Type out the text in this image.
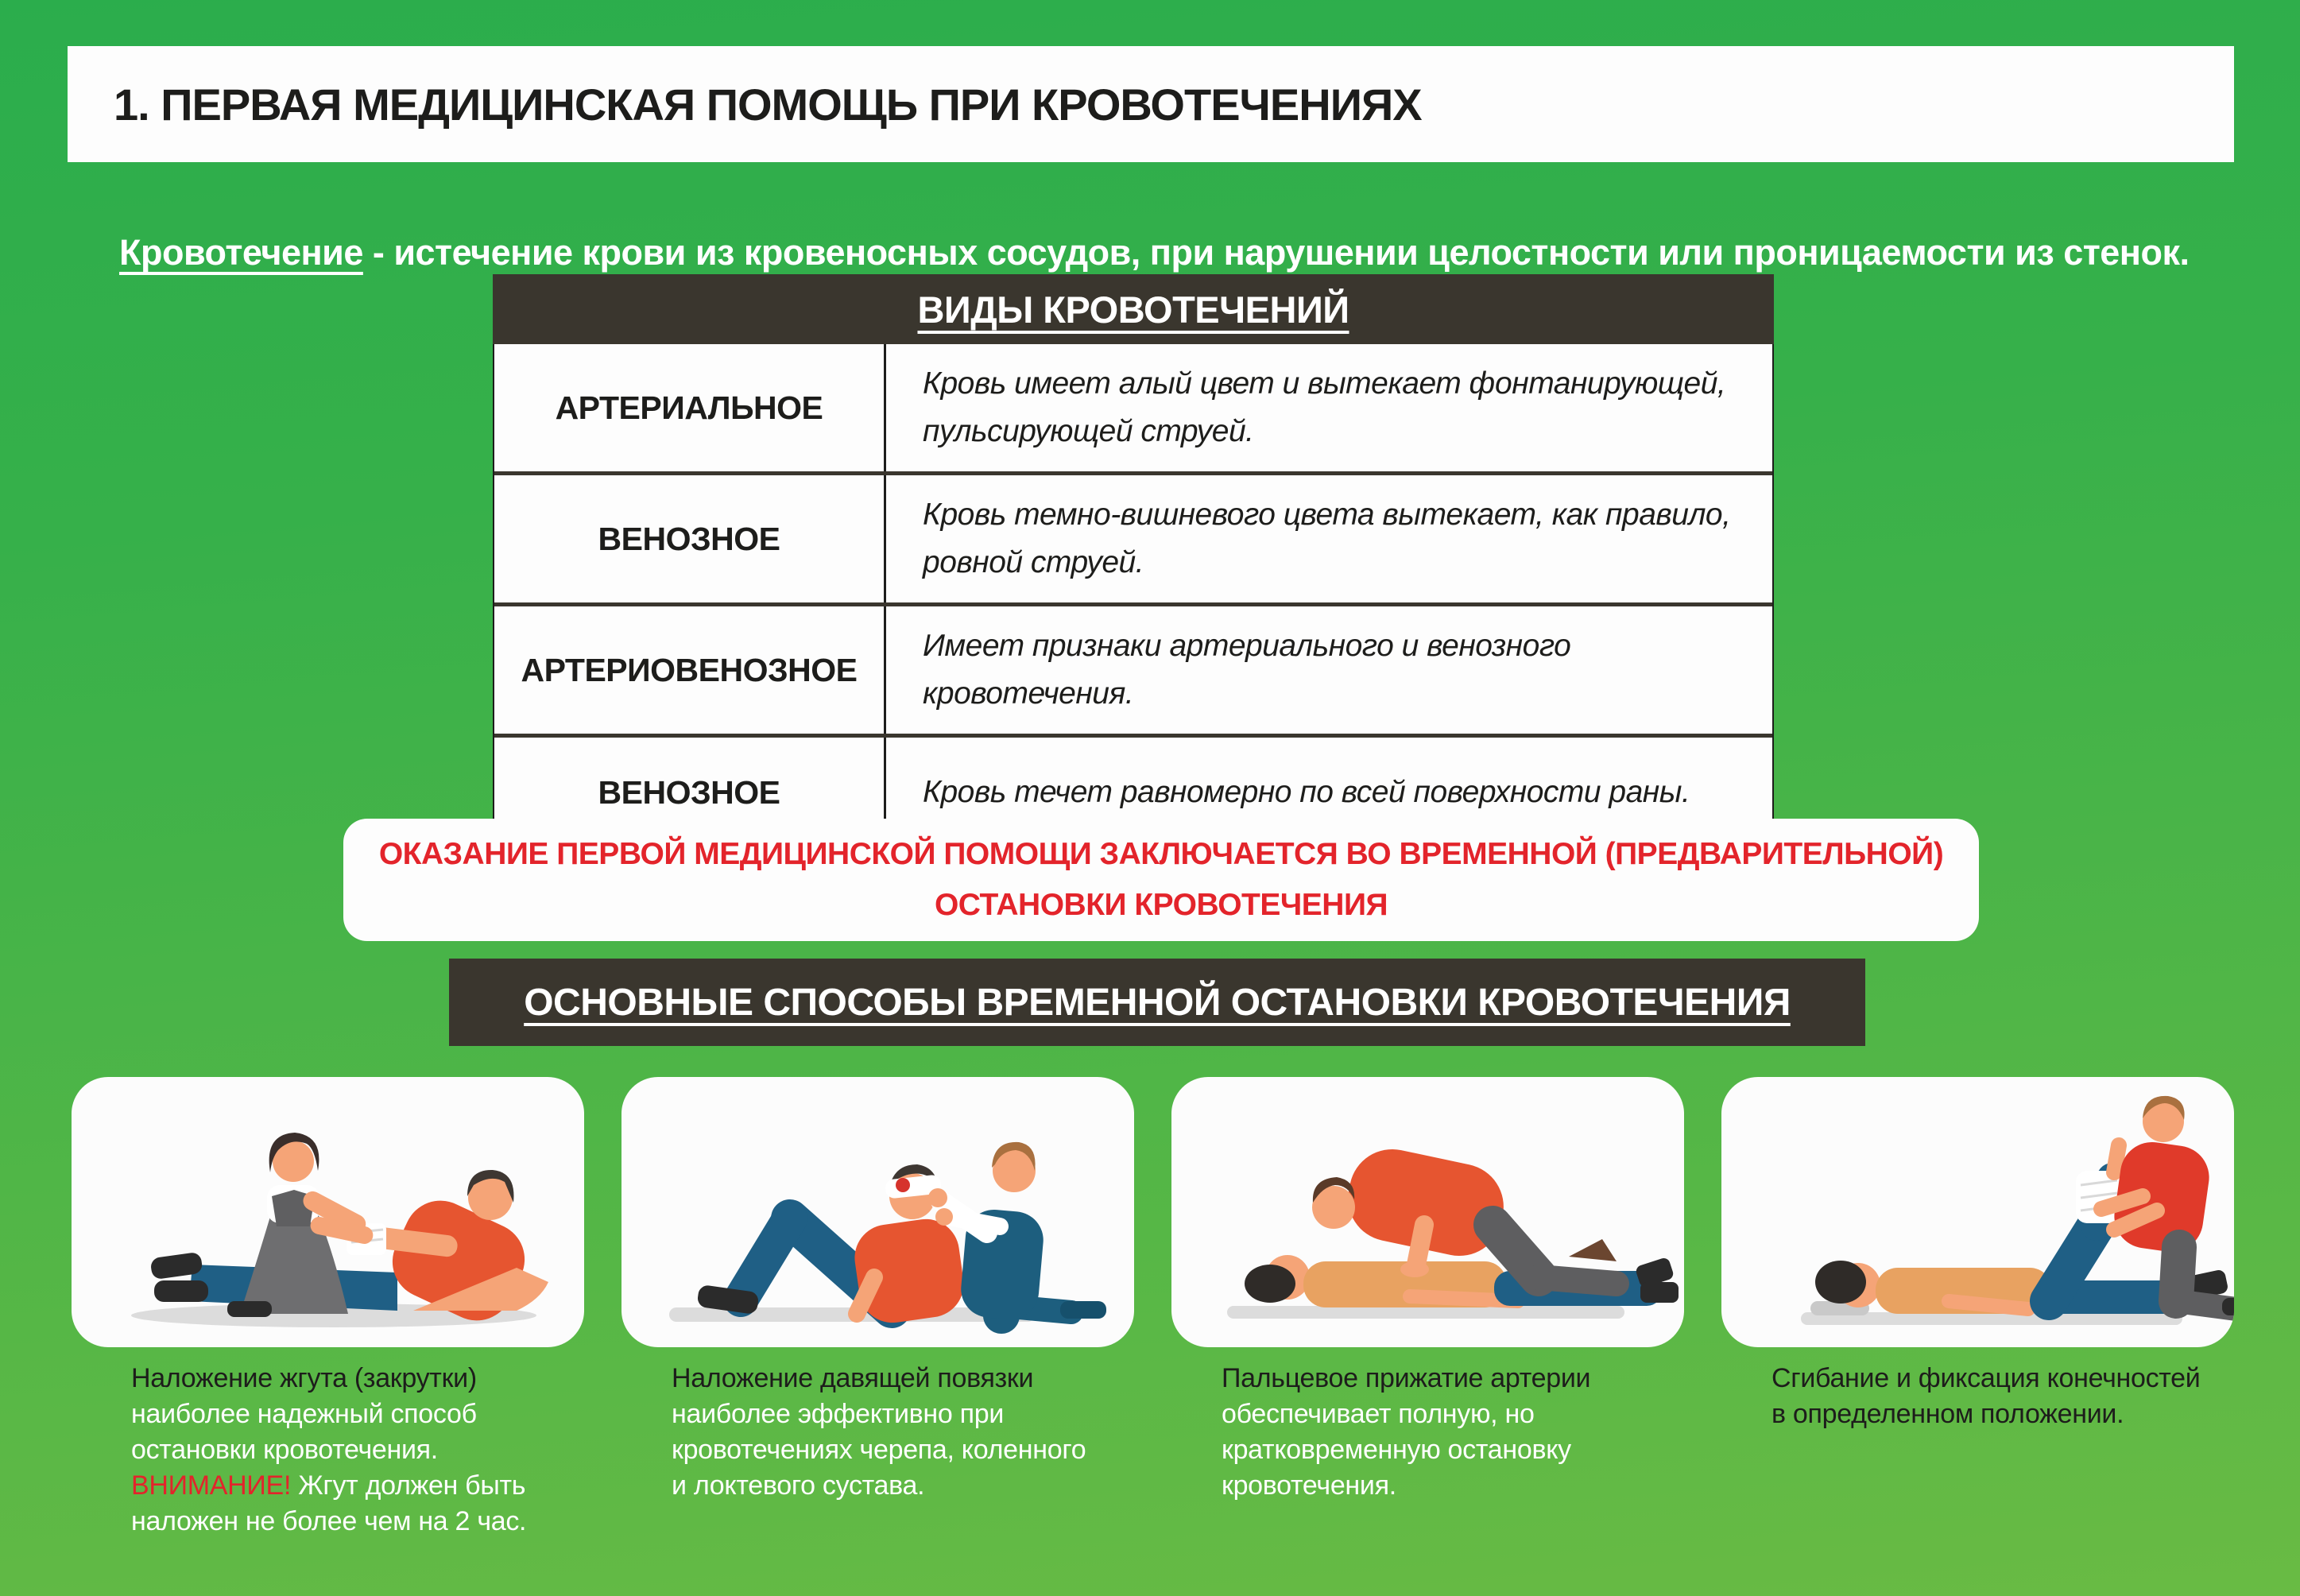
1. ПЕРВАЯ МЕДИЦИНСКАЯ ПОМОЩЬ ПРИ КРОВОТЕЧЕНИЯХ

Кровотечение - истечение крови из кровеносных сосудов, при нарушении целостности или проницаемости из стенок.

ВИДЫ КРОВОТЕЧЕНИЙ
АРТЕРИАЛЬНОЕ
Кровь имеет алый цвет и вытекает фонтанирующей, пульсирующей струей.
ВЕНОЗНОЕ
Кровь темно-вишневого цвета вытекает, как правило, ровной струей.
АРТЕРИОВЕНОЗНОЕ
Имеет признаки артериального и венозного кровотечения.
ВЕНОЗНОЕ	Кровь течет равномерно по всей поверхности раны.
ОКАЗАНИЕ ПЕРВОЙ МЕДИЦИНСКОЙ ПОМОЩИ ЗАКЛЮЧАЕТСЯ ВО ВРЕМЕННОЙ (ПРЕДВАРИТЕЛЬНОЙ)
ОСТАНОВКИ КРОВОТЕЧЕНИЯ
ОСНОВНЫЕ СПОСОБЫ ВРЕМЕННОЙ ОСТАНОВКИ КРОВОТЕЧЕНИЯ

Наложение жгута (закрутки) наиболее надежный способ остановки кровотечения. ВНИМАНИЕ! Жгут должен быть наложен не более чем на 2 час.

Наложение давящей повязки наиболее эффективно при кровотечениях черепа, коленного и локтевого сустава.

Пальцевое прижатие артерии обеспечивает полную, но кратковременную остановку кровотечения.

Сгибание и фиксация конечностей в определенном положении.
